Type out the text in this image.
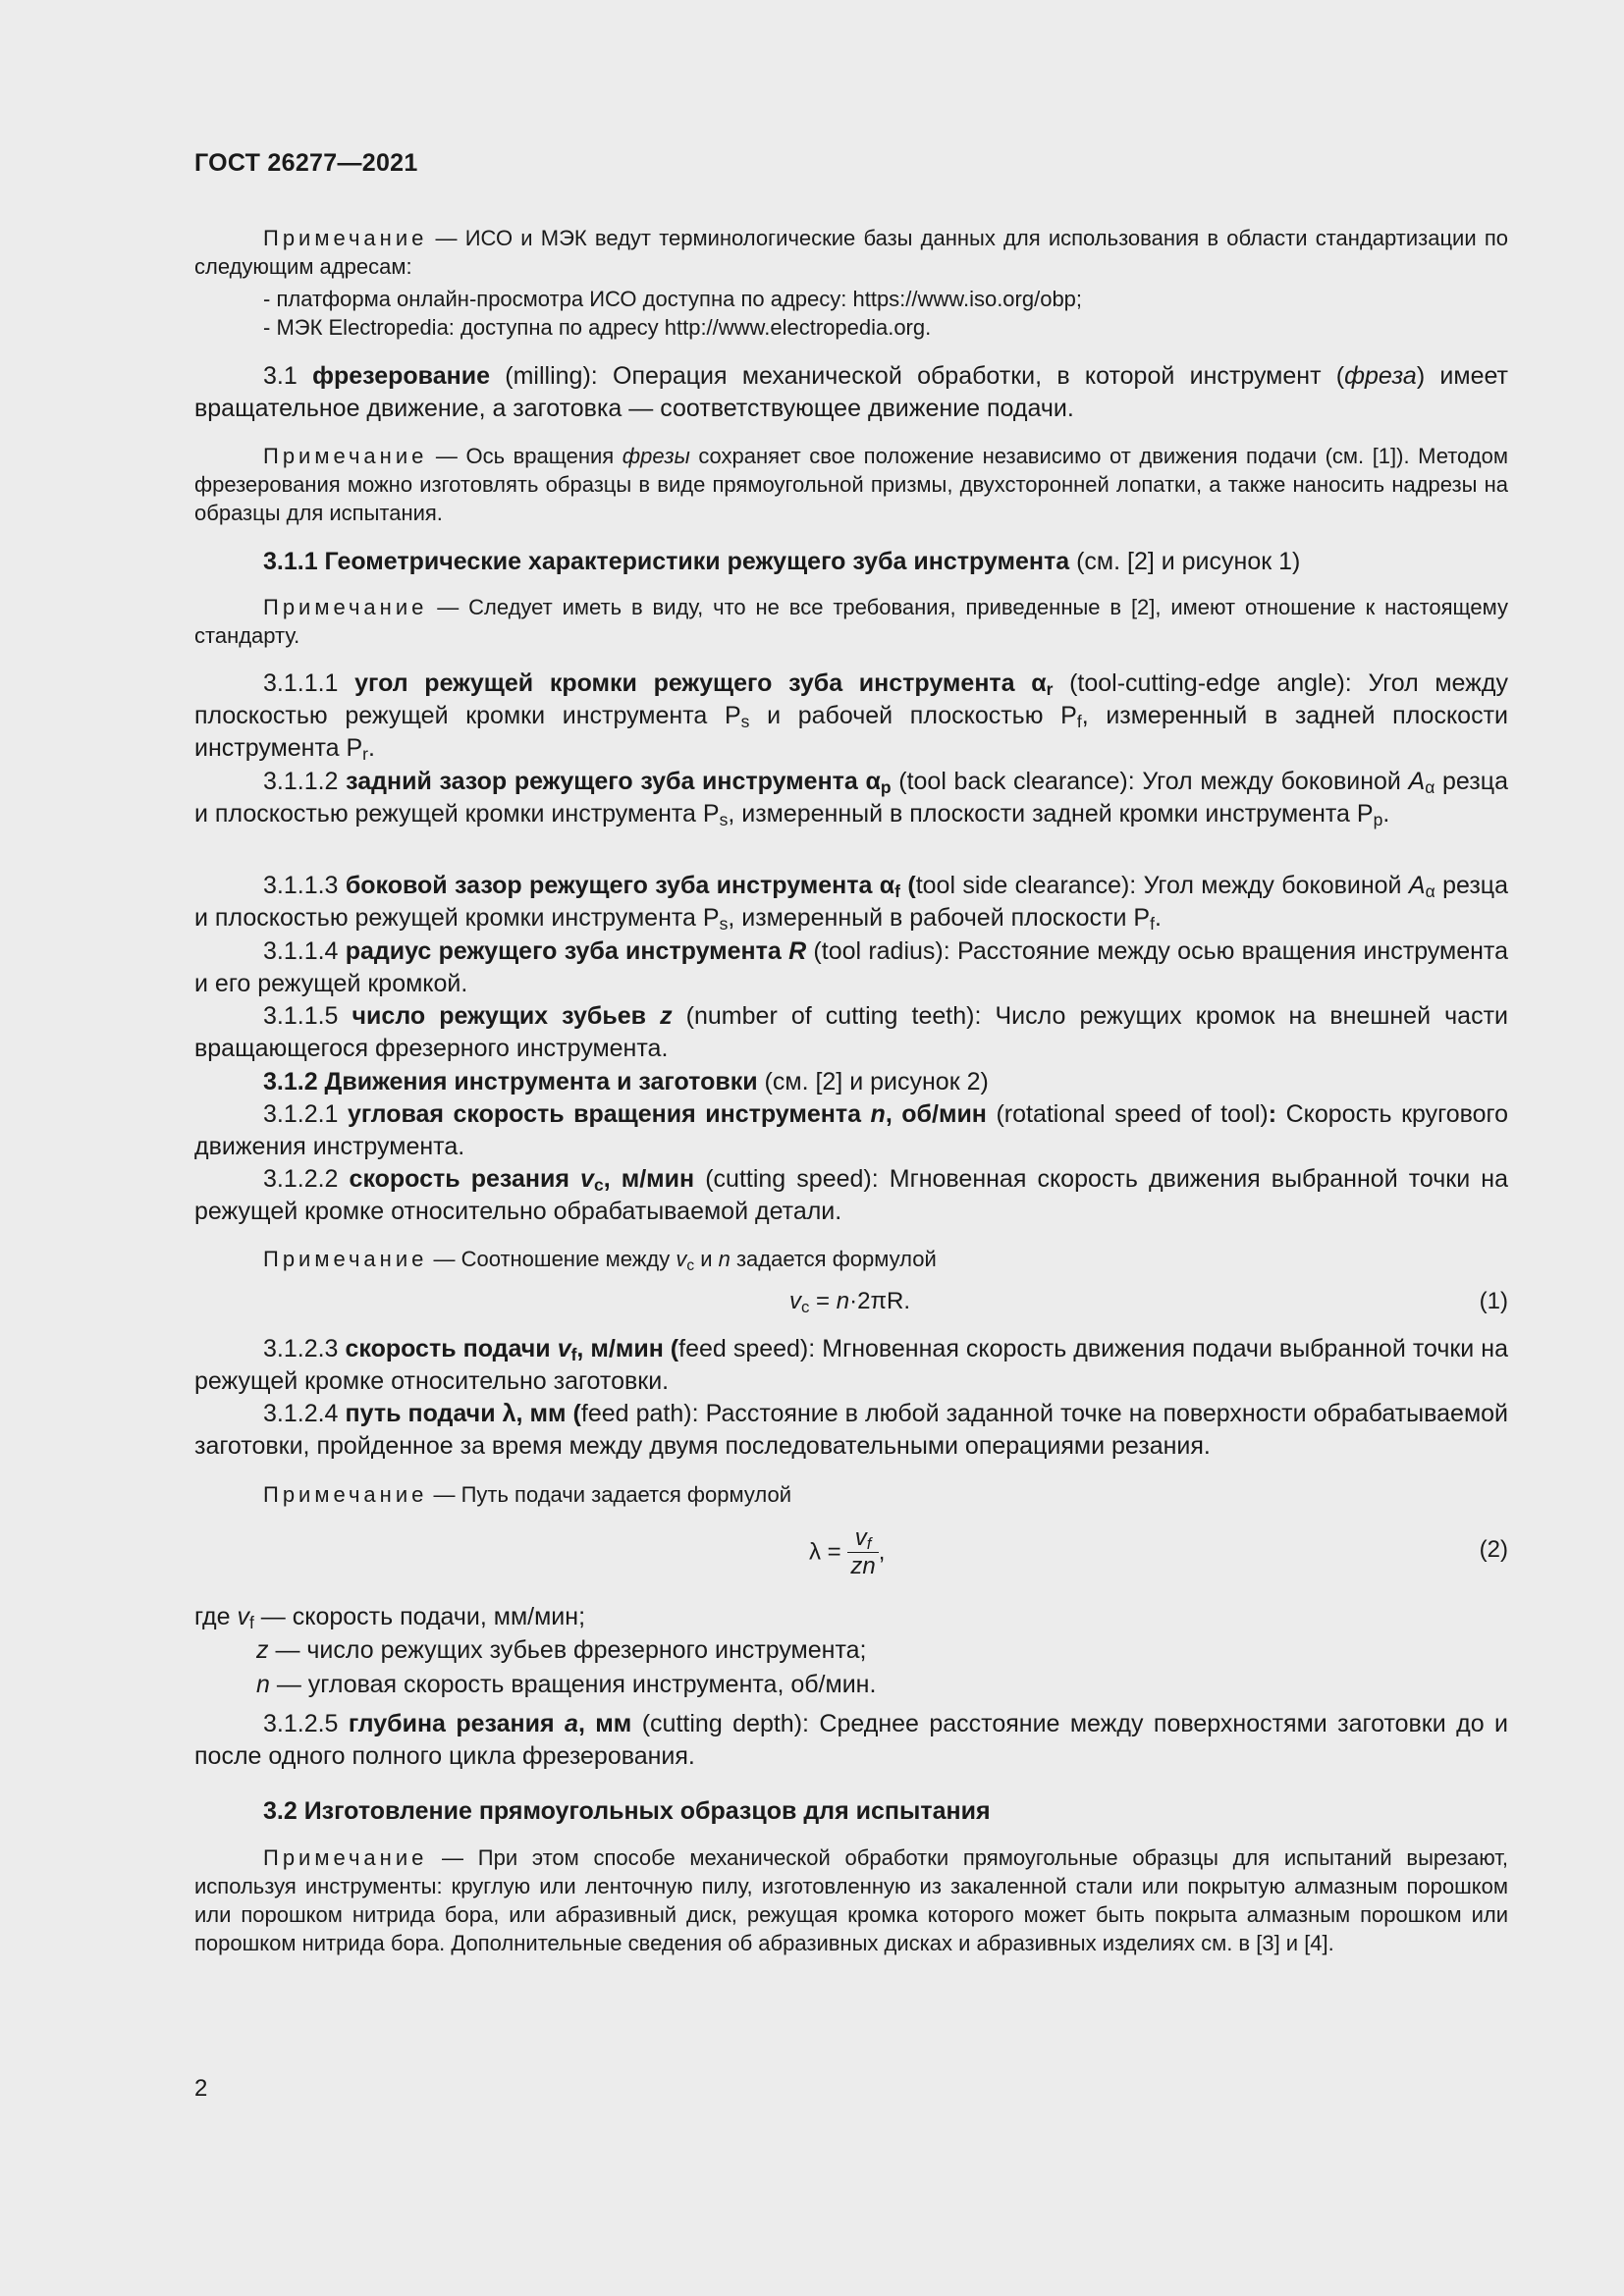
ГОСТ 26277—2021
Примечание — ИСО и МЭК ведут терминологические базы данных для использования в области стандартизации по следующим адресам:
- платформа онлайн-просмотра ИСО доступна по адресу: https://www.iso.org/obp;
- МЭК Electropedia: доступна по адресу http://www.electropedia.org.
3.1 фрезерование (milling): Операция механической обработки, в которой инструмент (фреза) имеет вращательное движение, а заготовка — соответствующее движение подачи.
Примечание — Ось вращения фрезы сохраняет свое положение независимо от движения подачи (см. [1]). Методом фрезерования можно изготовлять образцы в виде прямоугольной призмы, двухсторонней лопатки, а также наносить надрезы на образцы для испытания.
3.1.1 Геометрические характеристики режущего зуба инструмента (см. [2] и рисунок 1)
Примечание — Следует иметь в виду, что не все требования, приведенные в [2], имеют отношение к настоящему стандарту.
3.1.1.1 угол режущей кромки режущего зуба инструмента $\alpha_r$ (tool-cutting-edge angle): Угол между плоскостью режущей кромки инструмента $P_s$ и рабочей плоскостью $P_f$, измеренный в задней плоскости инструмента $P_r$.
3.1.1.2 задний зазор режущего зуба инструмента $\alpha_p$ (tool back clearance): Угол между боковиной $A_\alpha$ резца и плоскостью режущей кромки инструмента $P_s$, измеренный в плоскости задней кромки инструмента $P_p$.
3.1.1.3 боковой зазор режущего зуба инструмента $\alpha_f$ (tool side clearance): Угол между боковиной $A_\alpha$ резца и плоскостью режущей кромки инструмента $P_s$, измеренный в рабочей плоскости $P_f$.
3.1.1.4 радиус режущего зуба инструмента R (tool radius): Расстояние между осью вращения инструмента и его режущей кромкой.
3.1.1.5 число режущих зубьев z (number of cutting teeth): Число режущих кромок на внешней части вращающегося фрезерного инструмента.
3.1.2 Движения инструмента и заготовки (см. [2] и рисунок 2)
3.1.2.1 угловая скорость вращения инструмента n, об/мин (rotational speed of tool): Скорость кругового движения инструмента.
3.1.2.2 скорость резания $v_c$, м/мин (cutting speed): Мгновенная скорость движения выбранной точки на режущей кромке относительно обрабатываемой детали.
Примечание — Соотношение между $v_c$ и n задается формулой
$v_c = n\cdot 2\pi R$.	(1)
3.1.2.3 скорость подачи $v_f$, м/мин (feed speed): Мгновенная скорость движения подачи выбранной точки на режущей кромке относительно заготовки.
3.1.2.4 путь подачи λ, мм (feed path): Расстояние в любой заданной точке на поверхности обрабатываемой заготовки, пройденное за время между двумя последовательными операциями резания.
Примечание — Путь подачи задается формулой
$\lambda = \frac{v_f}{zn}$ ,	(2)
где $v_f$ — скорость подачи, мм/мин;
z — число режущих зубьев фрезерного инструмента;
n — угловая скорость вращения инструмента, об/мин.
3.1.2.5 глубина резания a, мм (cutting depth): Среднее расстояние между поверхностями заготовки до и после одного полного цикла фрезерования.
3.2 Изготовление прямоугольных образцов для испытания
Примечание — При этом способе механической обработки прямоугольные образцы для испытаний вырезают, используя инструменты: круглую или ленточную пилу, изготовленную из закаленной стали или покрытую алмазным порошком или порошком нитрида бора, или абразивный диск, режущая кромка которого может быть покрыта алмазным порошком или порошком нитрида бора. Дополнительные сведения об абразивных дисках и абразивных изделиях см. в [3] и [4].
2
